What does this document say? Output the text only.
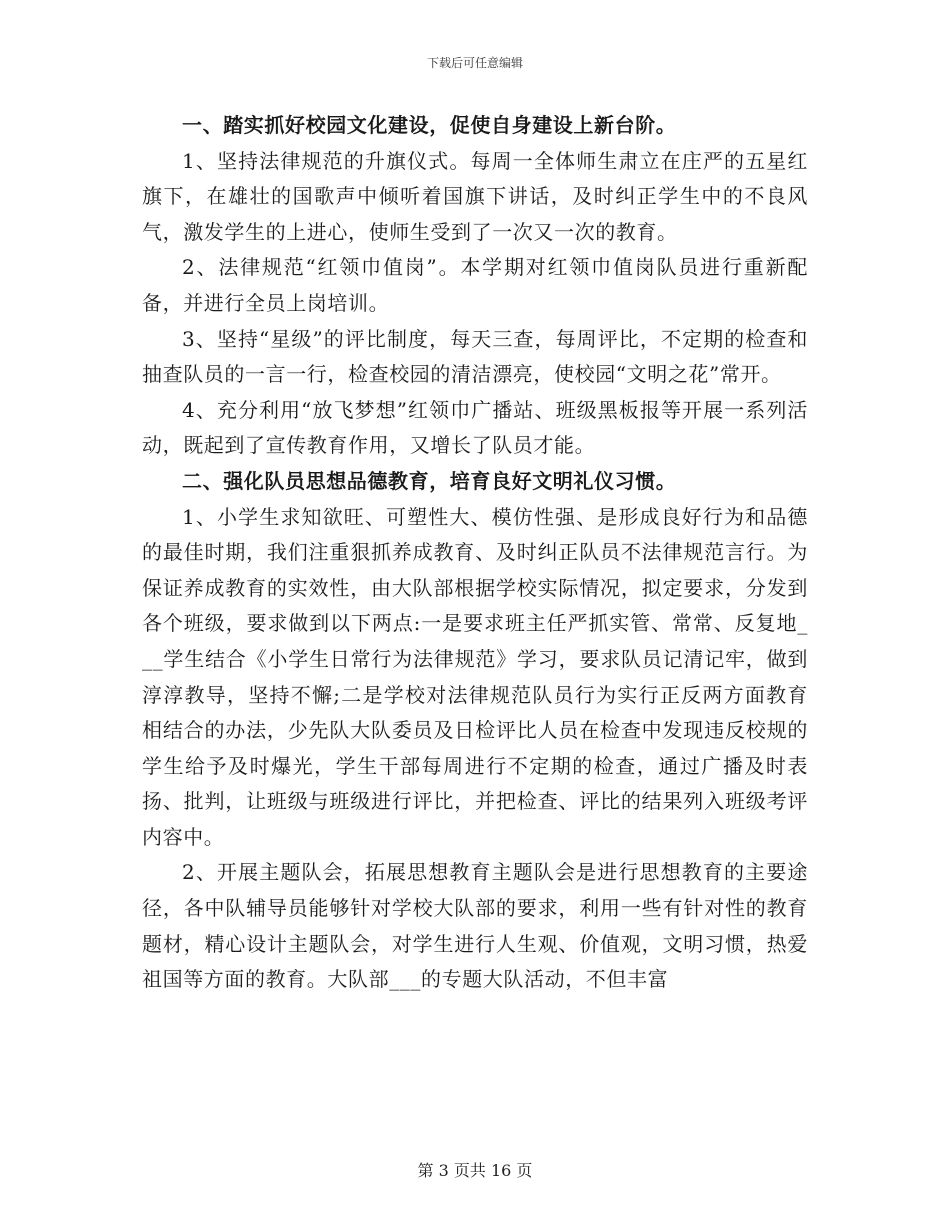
下载后可任意编辑

一、踏实抓好校园文化建设，促使自身建设上新台阶。

1、坚持法律规范的升旗仪式。每周一全体师生肃立在庄严的五星红旗下，在雄壮的国歌声中倾听着国旗下讲话，及时纠正学生中的不良风气，激发学生的上进心，使师生受到了一次又一次的教育。

2、法律规范“红领巾值岗”。本学期对红领巾值岗队员进行重新配备，并进行全员上岗培训。

3、坚持“星级”的评比制度，每天三查，每周评比，不定期的检查和抽查队员的一言一行，检查校园的清洁漂亮，使校园“文明之花”常开。

4、充分利用“放飞梦想”红领巾广播站、班级黑板报等开展一系列活动，既起到了宣传教育作用，又增长了队员才能。

二、强化队员思想品德教育，培育良好文明礼仪习惯。

1、小学生求知欲旺、可塑性大、模仿性强、是形成良好行为和品德的最佳时期，我们注重狠抓养成教育、及时纠正队员不法律规范言行。为保证养成教育的实效性，由大队部根据学校实际情况，拟定要求，分发到各个班级，要求做到以下两点:一是要求班主任严抓实管、常常、反复地___学生结合《小学生日常行为法律规范》学习，要求队员记清记牢，做到淳淳教导，坚持不懈;二是学校对法律规范队员行为实行正反两方面教育相结合的办法，少先队大队委员及日检评比人员在检查中发现违反校规的学生给予及时爆光，学生干部每周进行不定期的检查，通过广播及时表扬、批判，让班级与班级进行评比，并把检查、评比的结果列入班级考评内容中。

2、开展主题队会，拓展思想教育主题队会是进行思想教育的主要途径，各中队辅导员能够针对学校大队部的要求，利用一些有针对性的教育题材，精心设计主题队会，对学生进行人生观、价值观，文明习惯，热爱祖国等方面的教育。大队部___的专题大队活动，不但丰富

第 3 页共 16 页
